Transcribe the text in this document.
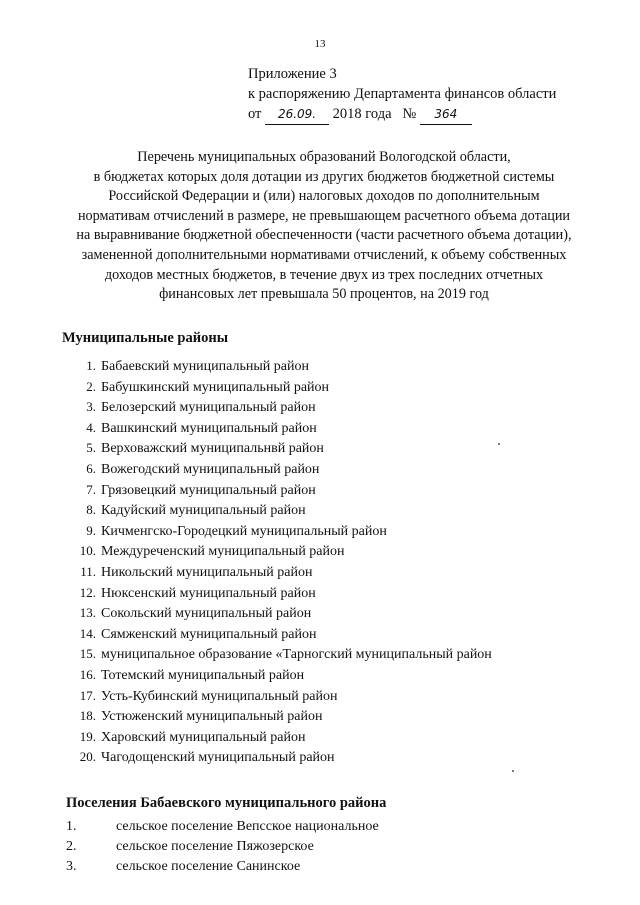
13
Приложение 3
к распоряжению Департамента финансов области
от 26.09. 2018 года № 364
Перечень муниципальных образований Вологодской области,
в бюджетах которых доля дотации из других бюджетов бюджетной системы
Российской Федерации и (или) налоговых доходов по дополнительным
нормативам отчислений в размере, не превышающем расчетного объема дотации
на выравнивание бюджетной обеспеченности (части расчетного объема дотации),
замененной дополнительными нормативами отчислений, к объему собственных
доходов местных бюджетов, в течение двух из трех последних отчетных
финансовых лет превышала 50 процентов, на 2019 год
Муниципальные районы
1. Бабаевский муниципальный район
2. Бабушкинский муниципальный район
3. Белозерский муниципальный район
4. Вашкинский муниципальный район
5. Верховажский муниципальнвй район
6. Вожегодский муниципальный район
7. Грязовецкий муниципальный район
8. Кадуйский муниципальный район
9. Кичменгско-Городецкий муниципальный район
10. Междуреченский муниципальный район
11. Никольский муниципальный район
12. Нюксенский муниципальный район
13. Сокольский муниципальный район
14. Сямженский муниципальный район
15. муниципальное образование «Тарногский муниципальный район
16. Тотемский муниципальный район
17. Усть-Кубинский муниципальный район
18. Устюженский муниципальный район
19. Харовский муниципальный район
20. Чагодощенский муниципальный район
Поселения Бабаевского муниципального района
1.	сельское поселение Вепсское национальное
2.	сельское поселение Пяжозерское
3.	сельское поселение Санинское
